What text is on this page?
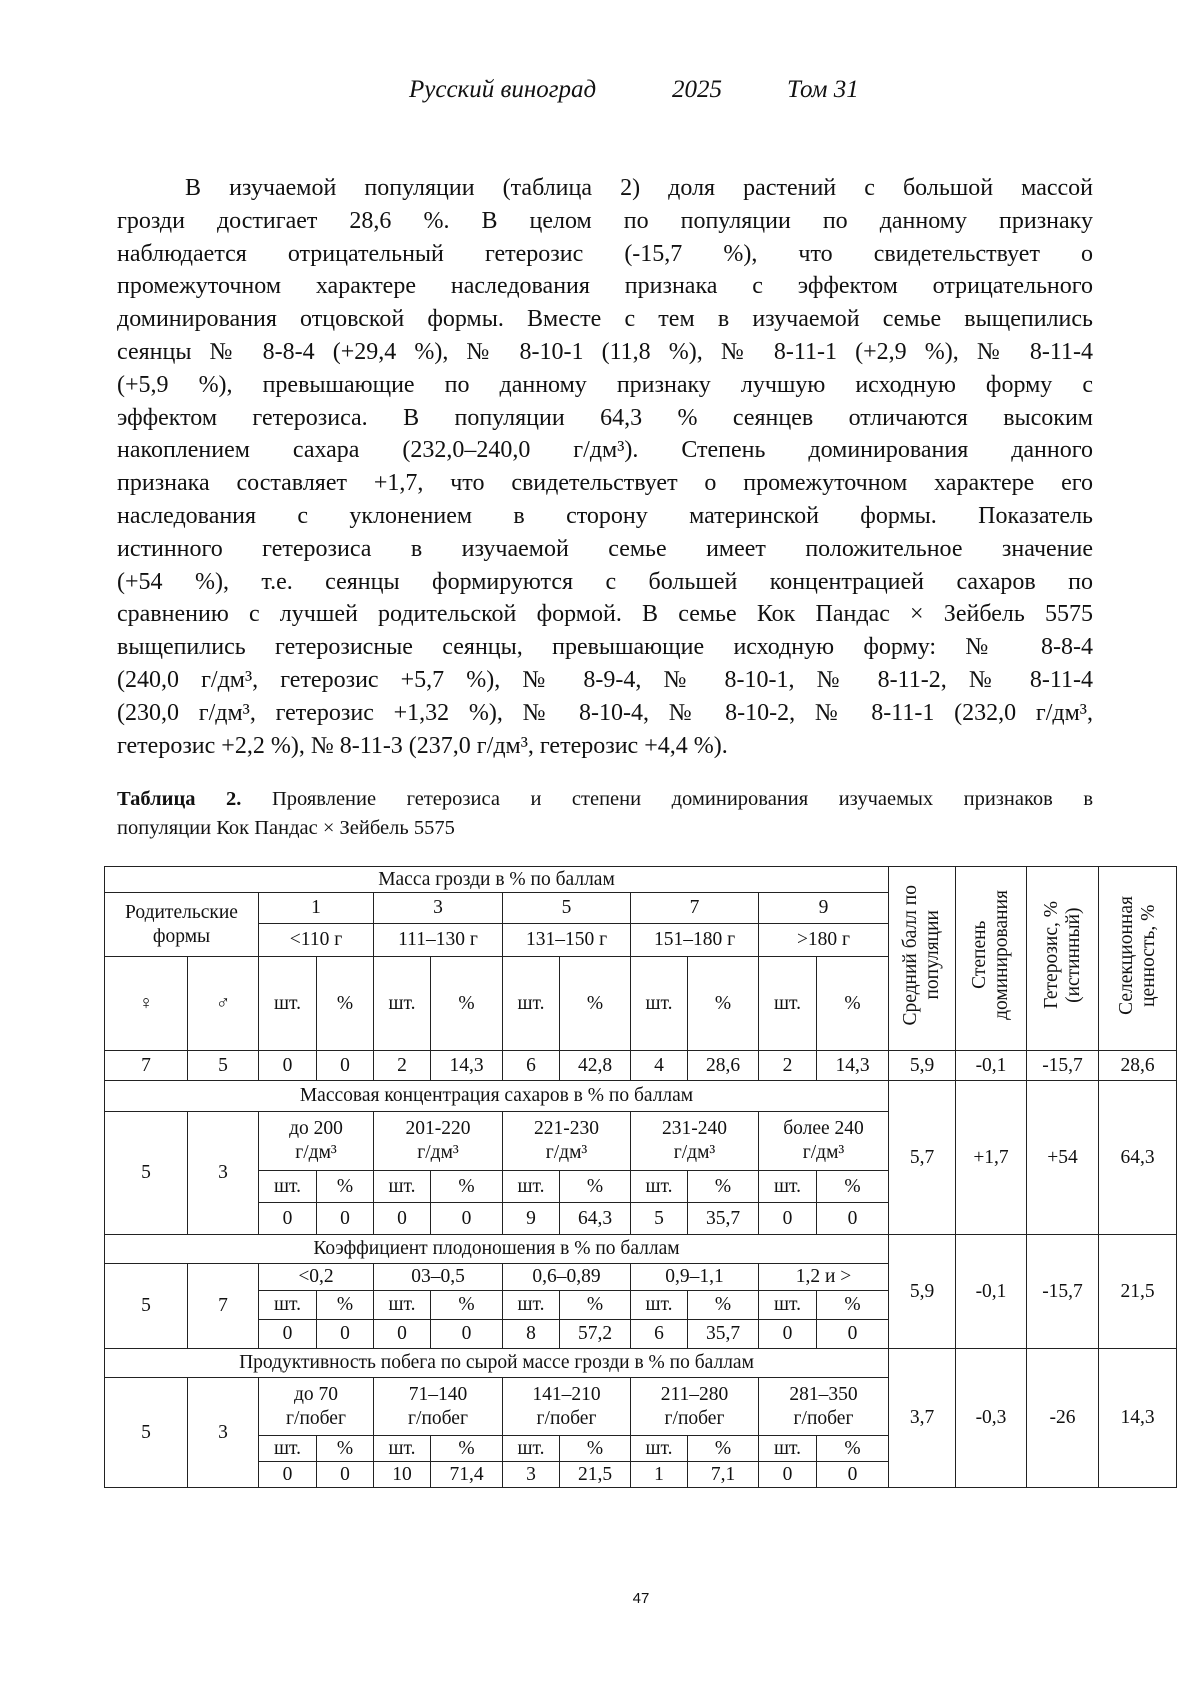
Русский виноград	2025	Том 31
В изучаемой популяции (таблица 2) доля растений с большой массой
грозди достигает 28,6 %. В целом по популяции по данному признаку
наблюдается отрицательный гетерозис (-15,7 %), что свидетельствует о
промежуточном характере наследования признака с эффектом отрицательного
доминирования отцовской формы. Вместе с тем в изучаемой семье выщепились
сеянцы № 8-8-4 (+29,4 %), № 8-10-1 (11,8 %), № 8-11-1 (+2,9 %), № 8-11-4
(+5,9 %), превышающие по данному признаку лучшую исходную форму с
эффектом гетерозиса. В популяции 64,3 % сеянцев отличаются высоким
накоплением сахара (232,0–240,0 г/дм³). Степень доминирования данного
признака составляет +1,7, что свидетельствует о промежуточном характере его
наследования с уклонением в сторону материнской формы. Показатель
истинного гетерозиса в изучаемой семье имеет положительное значение
(+54 %), т.е. сеянцы формируются с большей концентрацией сахаров по
сравнению с лучшей родительской формой. В семье Кок Пандас × Зейбель 5575
выщепились гетерозисные сеянцы, превышающие исходную форму: № 8-8-4
(240,0 г/дм³, гетерозис +5,7 %), № 8-9-4, № 8-10-1, № 8-11-2, № 8-11-4
(230,0 г/дм³, гетерозис +1,32 %), № 8-10-4, № 8-10-2, № 8-11-1 (232,0 г/дм³,
гетерозис +2,2 %), № 8-11-3 (237,0 г/дм³, гетерозис +4,4 %).
Таблица 2. Проявление гетерозиса и степени доминирования изучаемых признаков в
популяции Кок Пандас × Зейбель 5575
Масса грозди в % по баллам												Средний балл по
популяции	Степень
доминирования	Гетерозис, %
(истинный)	Селекционная
ценность, %
Родительские формы		1		3		5		7		9					
		<110 г		111–130 г		131–150 г		151–180 г		>180 г					
♀	♂	шт.	%	шт.	%	шт.	%	шт.	%	шт.	%				
7	5	0	0	2	14,3	6	42,8	4	28,6	2	14,3	5,9	-0,1	-15,7	28,6
Массовая концентрация сахаров в % по баллам												5,7	+1,7	+54	64,3
5	3	до 200
г/дм³		201-220
г/дм³		221-230
г/дм³		231-240
г/дм³		более 240
г/дм³					
		шт.	%	шт.	%	шт.	%	шт.	%	шт.	%				
		0	0	0	0	9	64,3	5	35,7	0	0				
Коэффициент плодоношения в % по баллам												5,9	-0,1	-15,7	21,5
5	7	<0,2		03–0,5		0,6–0,89		0,9–1,1		1,2 и >					
		шт.	%	шт.	%	шт.	%	шт.	%	шт.	%				
		0	0	0	0	8	57,2	6	35,7	0	0				
Продуктивность побега по сырой массе грозди в % по баллам												3,7	-0,3	-26	14,3
5	3	до 70
г/побег		71–140
г/побег		141–210
г/побег		211–280
г/побег		281–350
г/побег					
		шт.	%	шт.	%	шт.	%	шт.	%	шт.	%				
		0	0	10	71,4	3	21,5	1	7,1	0	0				
47
